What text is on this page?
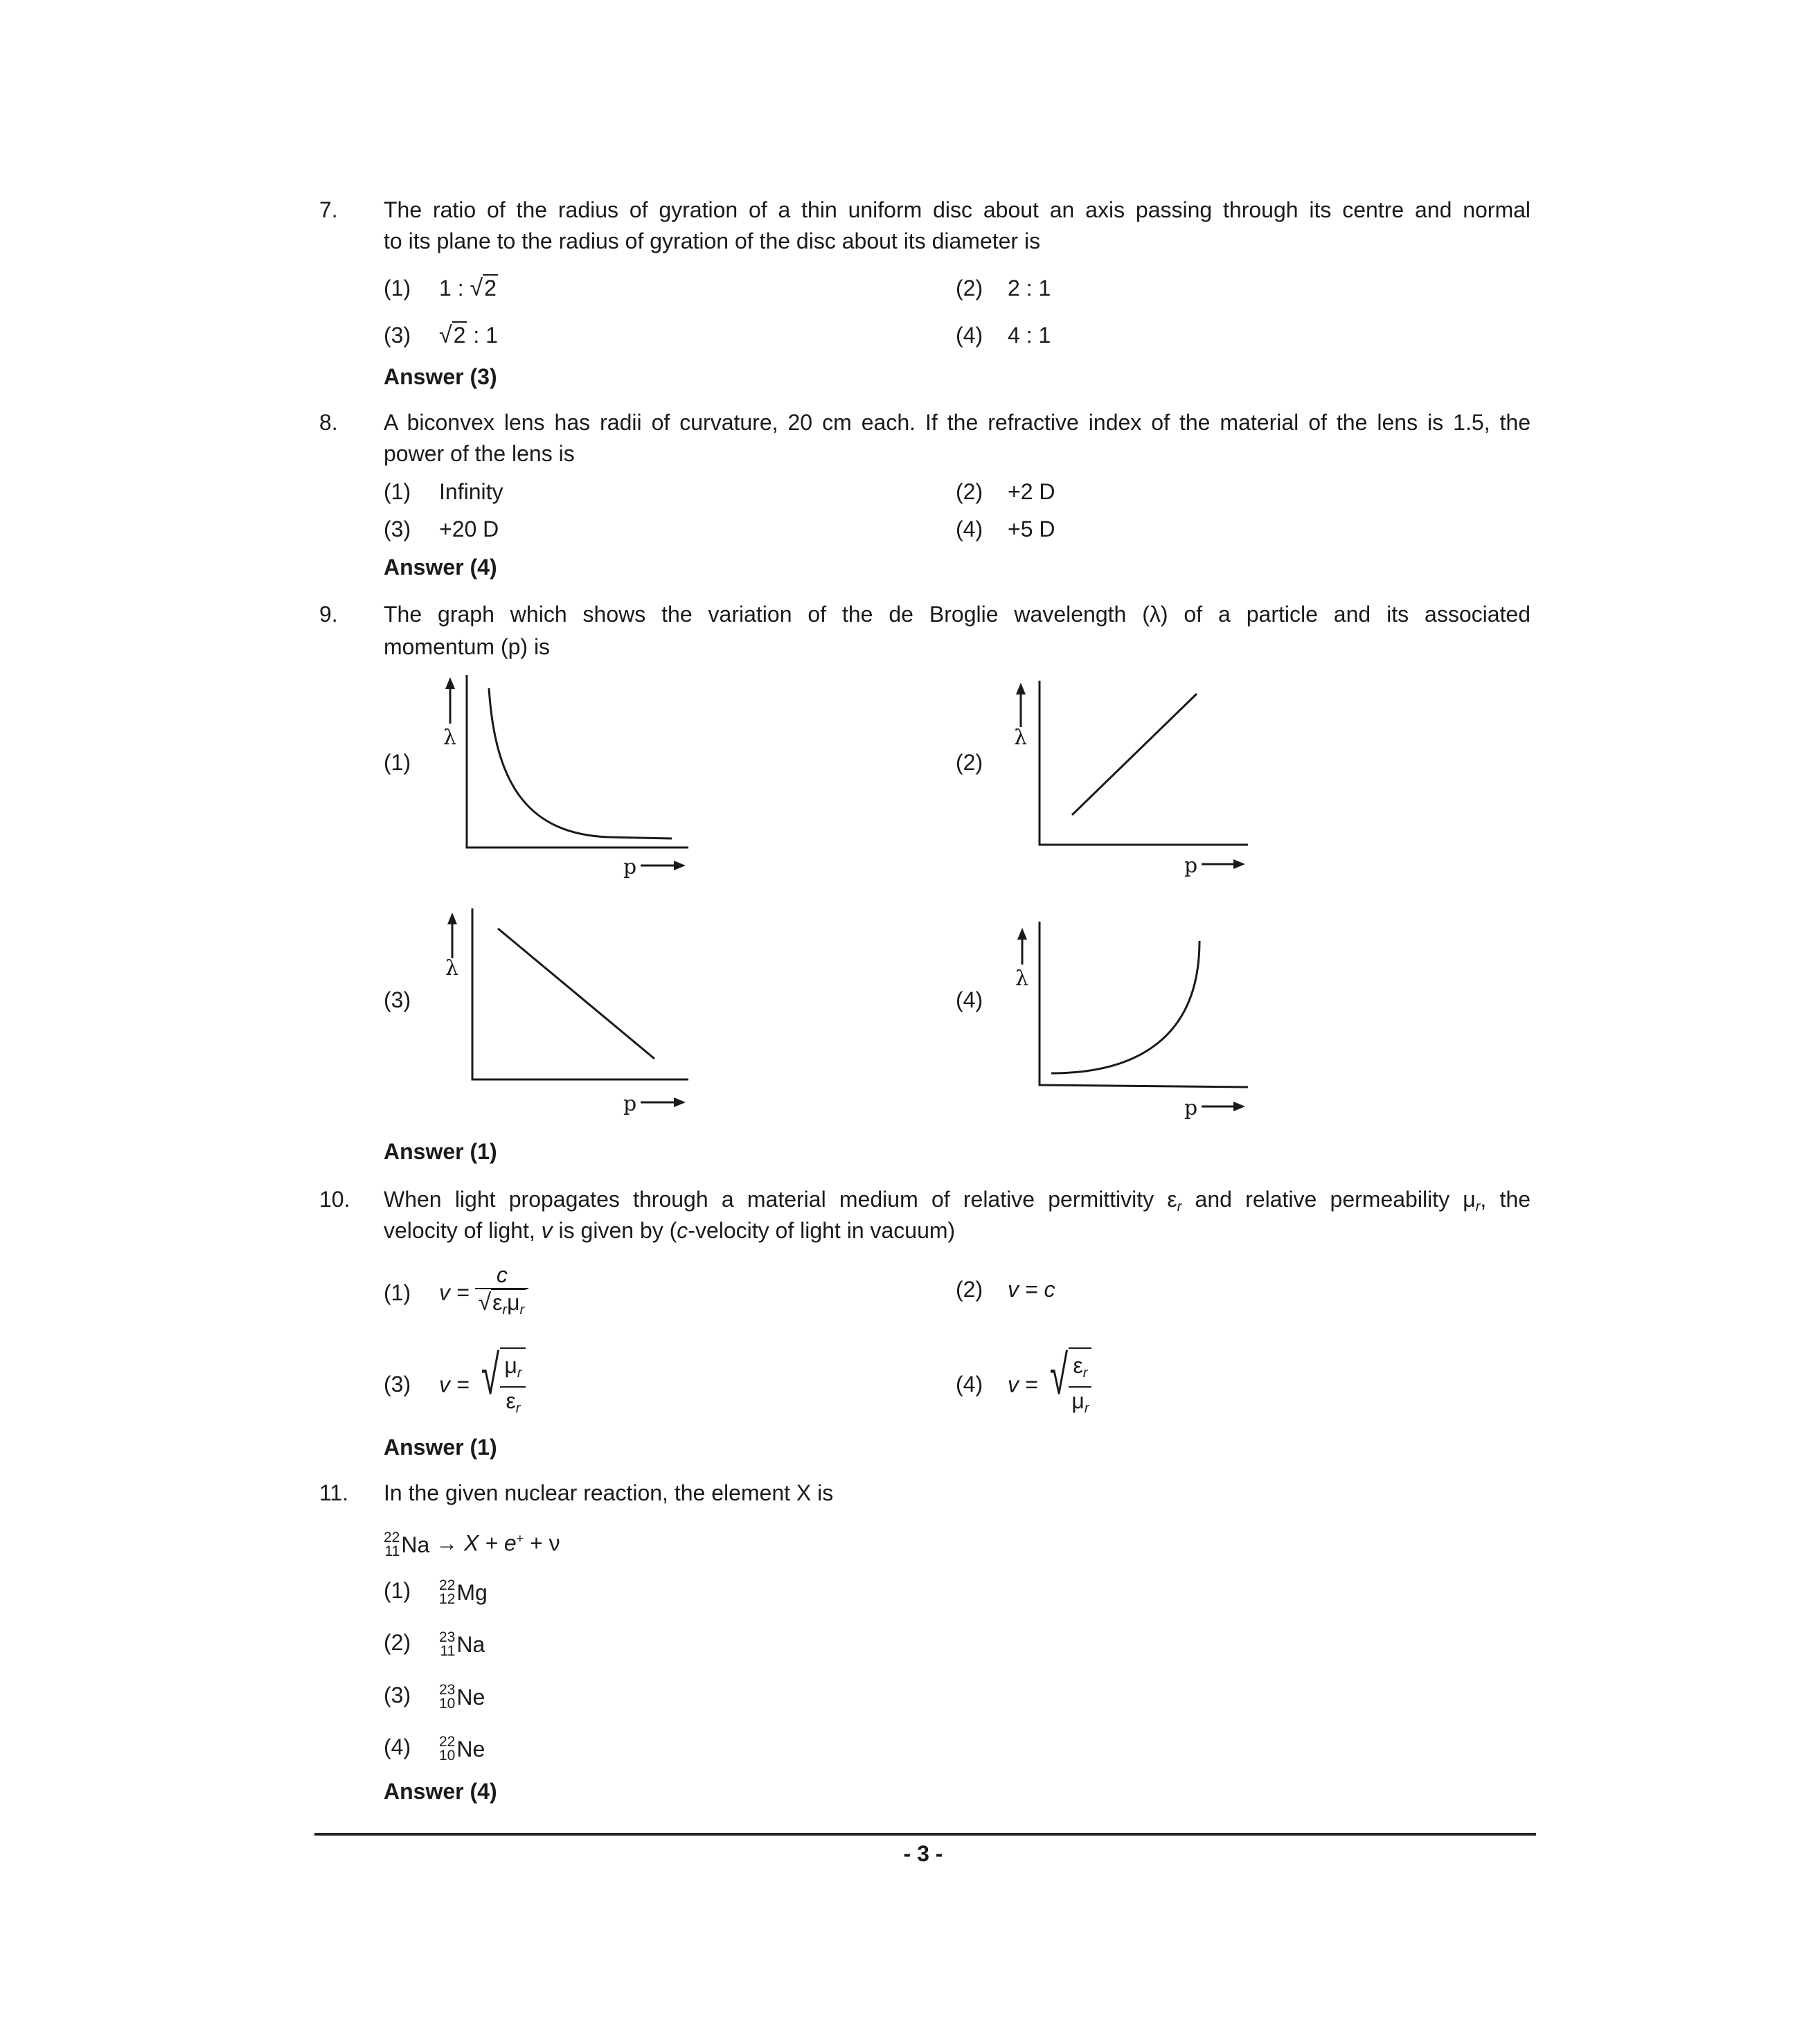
7. The ratio of the radius of gyration of a thin uniform disc about an axis passing through its centre and normal
to its plane to the radius of gyration of the disc about its diameter is
(1) 1 : √2	(2) 2 : 1
(3) √2 : 1	(4) 4 : 1
Answer (3)
8. A biconvex lens has radii of curvature, 20 cm each. If the refractive index of the material of the lens is 1.5, the
power of the lens is
(1) Infinity	(2) +2 D
(3) +20 D	(4) +5 D
Answer (4)
9. The graph which shows the variation of the de Broglie wavelength (λ) of a particle and its associated
momentum (p) is
(1)	(2)
(3)	(4)
λ
p
λ
p
λ
p
λ
p
Answer (1)
10. When light propagates through a material medium of relative permittivity $\varepsilon_r$ and relative permeability $\mu_r$, the
velocity of light, v is given by (c-velocity of light in vacuum)
(1) $v = \frac{c}{√\varepsilon_r\mu_r}$	(2) v = c
(3) v = √ $\frac{\mu_r}{\varepsilon_r}$	(4) v = √ $\frac{\varepsilon_r}{\mu_r}$
Answer (1)
11. In the given nuclear reaction, the element X is
22
11 Na → X + e+ + ν
(1) 22
12 Mg
(2) 23
11 Na
(3) 23
10 Ne
(4) 22
10 Ne
Answer (4)
- 3 -
